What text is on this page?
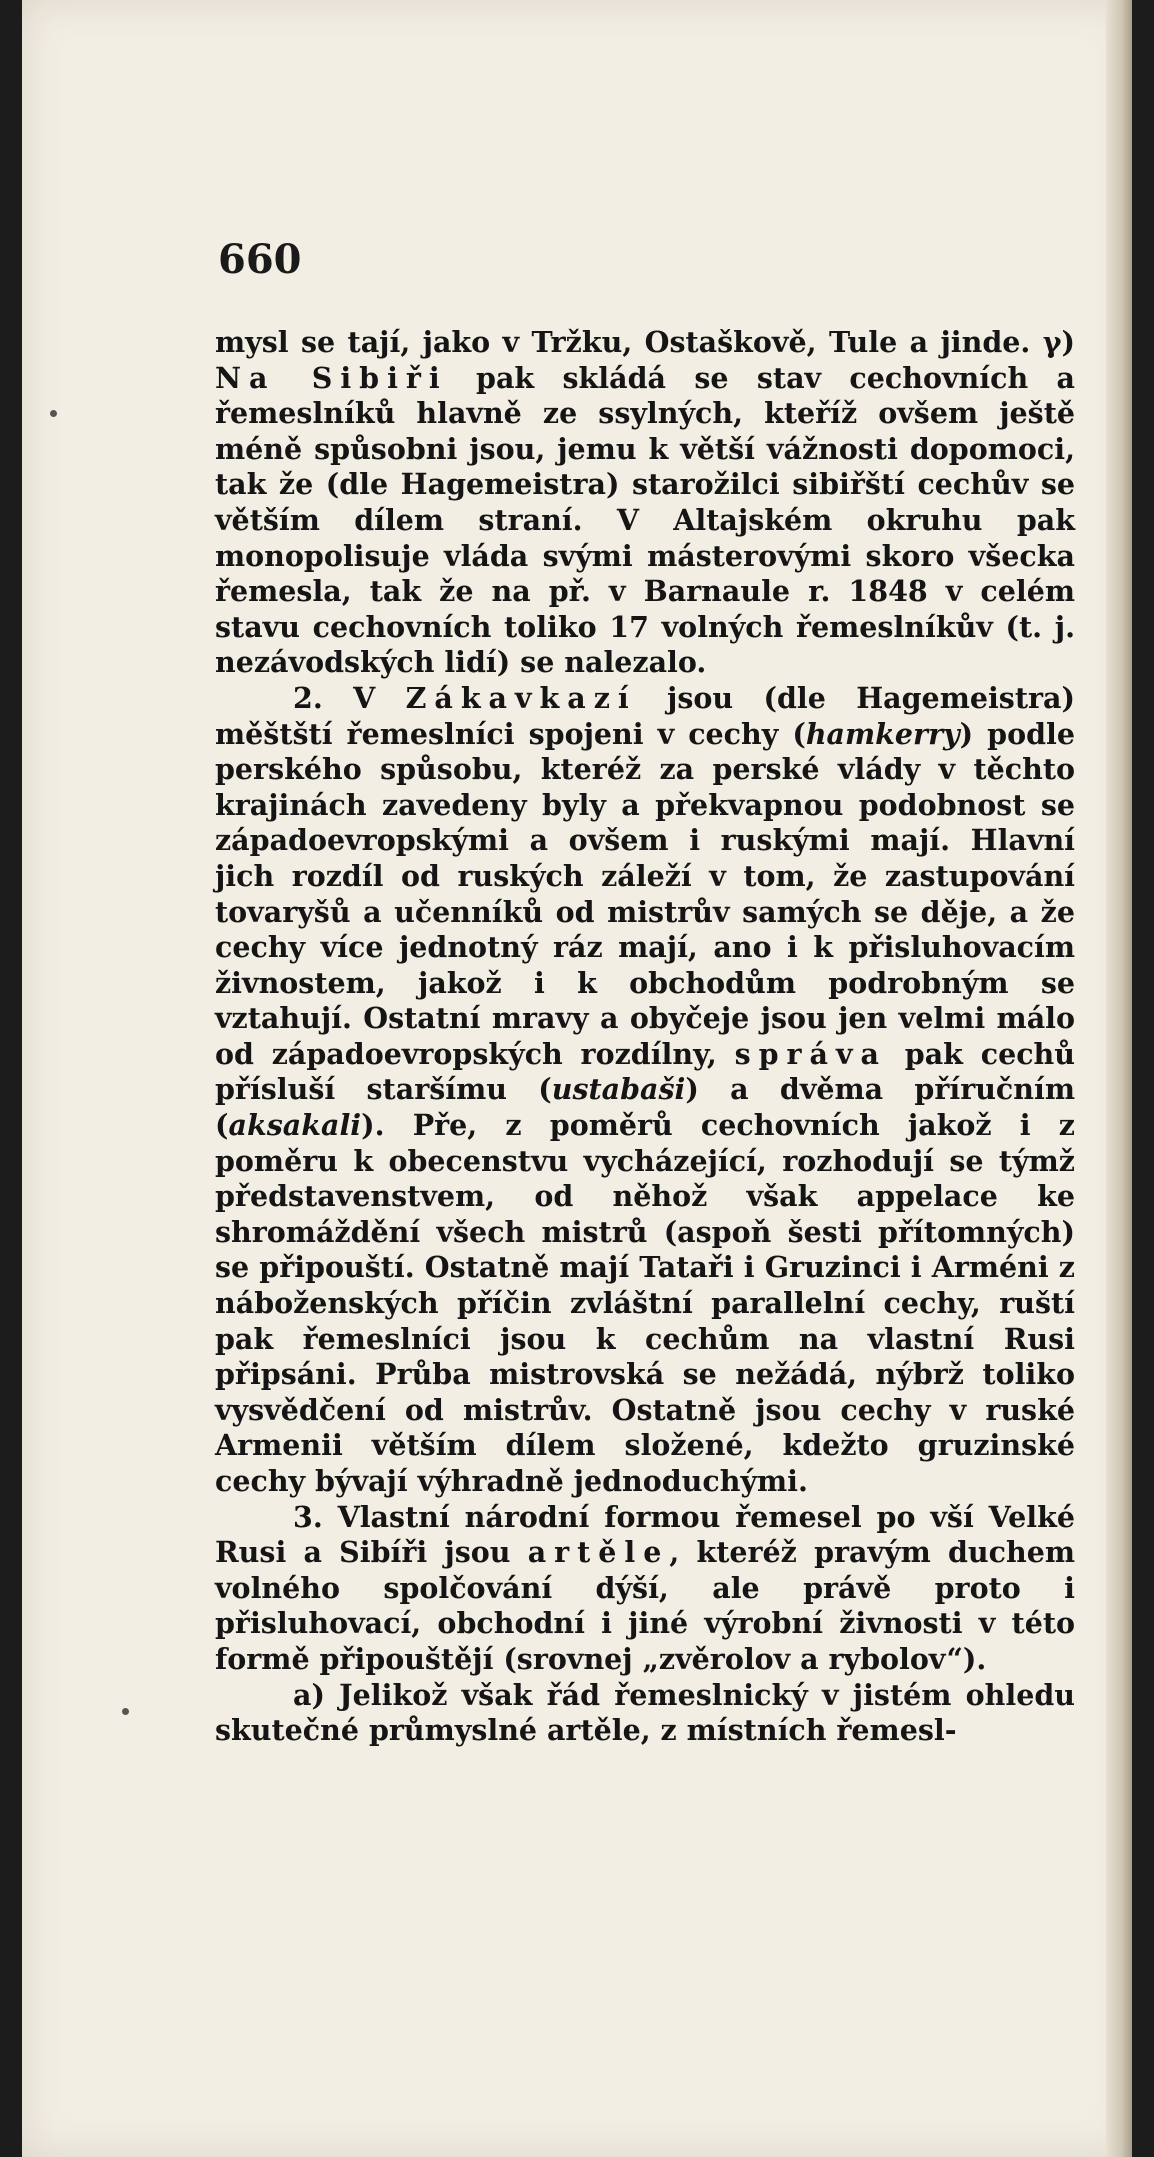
660

mysl se tají, jako v Tržku, Ostaškově, Tule a jinde. γ) Na Sibiři pak skládá se stav cechovních a řemeslníků hlavně ze ssylných, kteříž ovšem ještě méně spůsobni jsou, jemu k větší vážnosti dopomoci, tak že (dle Hagemeistra) starožilci sibiřští cechův se větším dílem straní. V Altajském okruhu pak monopolisuje vláda svými másterovými skoro všecka řemesla, tak že na př. v Barnaule r. 1848 v celém stavu cechovních toliko 17 volných řemeslníkův (t. j. nezávodských lidí) se nalezalo.

2. V Zákavkazí jsou (dle Hagemeistra) měštští řemeslníci spojeni v cechy (hamkerry) podle perského spůsobu, kteréž za perské vlády v těchto krajinách zavedeny byly a překvapnou podobnost se západoevropskými a ovšem i ruskými mají. Hlavní jich rozdíl od ruských záleží v tom, že zastupování tovaryšů a učenníků od mistrův samých se děje, a že cechy více jednotný ráz mají, ano i k přisluhovacím živnostem, jakož i k obchodům podrobným se vztahují. Ostatní mravy a obyčeje jsou jen velmi málo od západoevropských rozdílny, správa pak cechů přísluší staršímu (ustabaši) a dvěma příručním (aksakali). Pře, z poměrů cechovních jakož i z poměru k obecenstvu vycházející, rozhodují se týmž představenstvem, od něhož však appelace ke shromáždění všech mistrů (aspoň šesti přítomných) se připouští. Ostatně mají Tataři i Gruzinci i Arméni z náboženských příčin zvláštní parallelní cechy, ruští pak řemeslníci jsou k cechům na vlastní Rusi připsáni. Průba mistrovská se nežádá, nýbrž toliko vysvědčení od mistrův. Ostatně jsou cechy v ruské Armenii větším dílem složené, kdežto gruzinské cechy bývají výhradně jednoduchými.

3. Vlastní národní formou řemesel po vší Velké Rusi a Sibíři jsou artěle, kteréž pravým duchem volného spolčování dýší, ale právě proto i přisluhovací, obchodní i jiné výrobní živnosti v této formě připouštějí (srovnej „zvěrolov a rybolov“).

a) Jelikož však řád řemeslnický v jistém ohledu skutečné průmyslné artěle, z místních řemesl-
